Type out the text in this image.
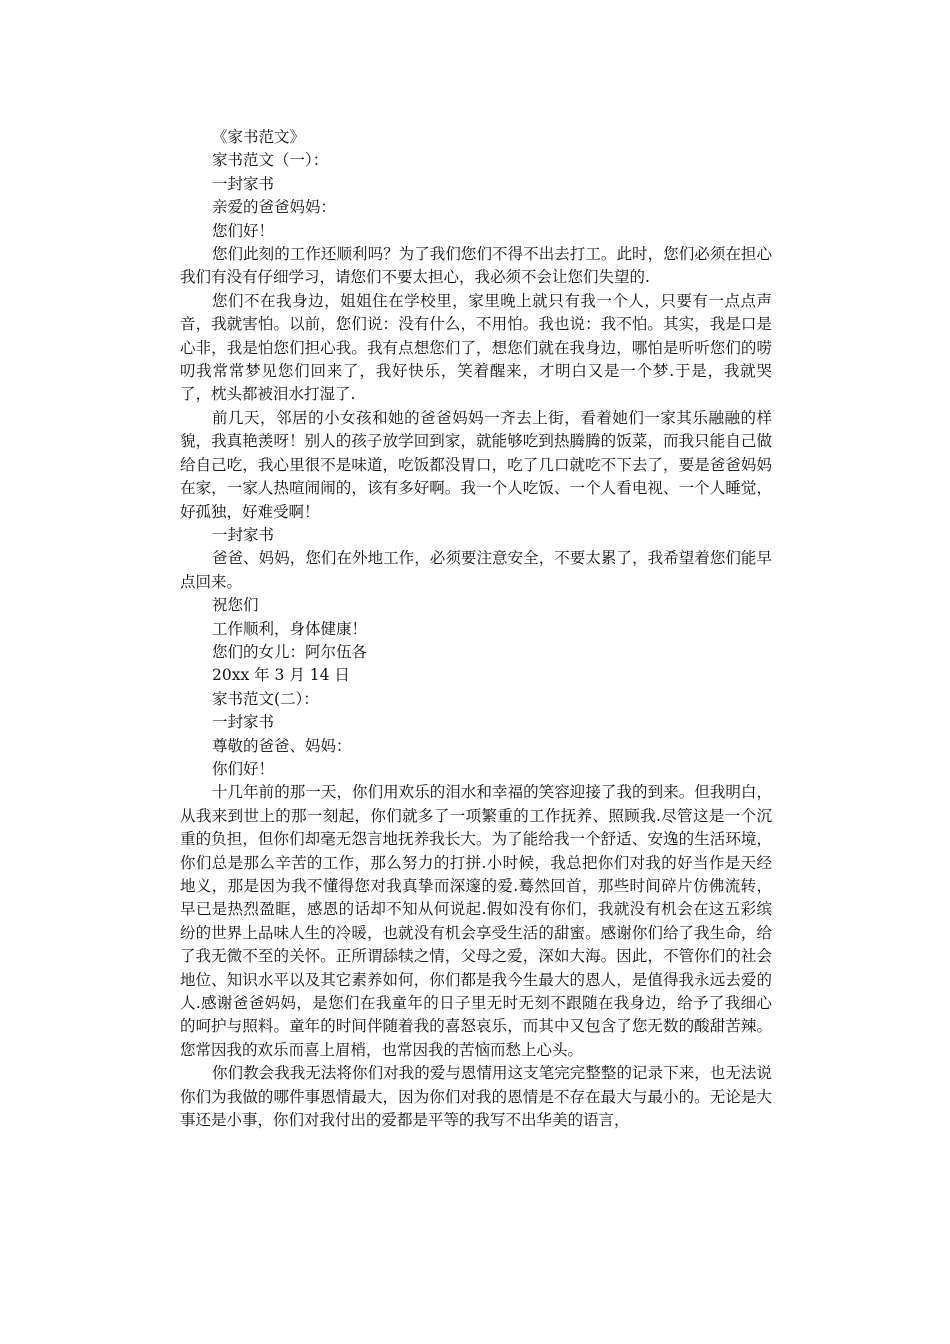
《家书范文》

家书范文（一）：

一封家书

亲爱的爸爸妈妈：

您们好！

您们此刻的工作还顺利吗？为了我们您们不得不出去打工。此时，您们必须在担心我们有没有仔细学习，请您们不要太担心，我必须不会让您们失望的.

您们不在我身边，姐姐住在学校里，家里晚上就只有我一个人，只要有一点点声音，我就害怕。以前，您们说：没有什么，不用怕。我也说：我不怕。其实，我是口是心非，我是怕您们担心我。我有点想您们了，想您们就在我身边，哪怕是听听您们的唠叨我常常梦见您们回来了，我好快乐，笑着醒来，才明白又是一个梦.于是，我就哭了，枕头都被泪水打湿了.

前几天，邻居的小女孩和她的爸爸妈妈一齐去上街，看着她们一家其乐融融的样貌，我真艳羡呀！别人的孩子放学回到家，就能够吃到热腾腾的饭菜，而我只能自己做给自己吃，我心里很不是味道，吃饭都没胃口，吃了几口就吃不下去了，要是爸爸妈妈在家，一家人热喧闹闹的，该有多好啊。我一个人吃饭、一个人看电视、一个人睡觉，好孤独，好难受啊！

一封家书

爸爸、妈妈，您们在外地工作，必须要注意安全，不要太累了，我希望着您们能早点回来。

祝您们

工作顺利，身体健康！

您们的女儿：阿尔伍各

20xx 年 3 月 14 日

家书范文(二）：

一封家书

尊敬的爸爸、妈妈：

你们好！

十几年前的那一天，你们用欢乐的泪水和幸福的笑容迎接了我的到来。但我明白，从我来到世上的那一刻起，你们就多了一项繁重的工作抚养、照顾我.尽管这是一个沉重的负担，但你们却毫无怨言地抚养我长大。为了能给我一个舒适、安逸的生活环境，你们总是那么辛苦的工作，那么努力的打拼.小时候，我总把你们对我的好当作是天经地义，那是因为我不懂得您对我真挚而深邃的爱.蓦然回首，那些时间碎片仿佛流转，早已是热烈盈眶，感恩的话却不知从何说起.假如没有你们，我就没有机会在这五彩缤纷的世界上品味人生的冷暖，也就没有机会享受生活的甜蜜。感谢你们给了我生命，给了我无微不至的关怀。正所谓舔犊之情，父母之爱，深如大海。因此，不管你们的社会地位、知识水平以及其它素养如何，你们都是我今生最大的恩人，是值得我永远去爱的人.感谢爸爸妈妈，是您们在我童年的日子里无时无刻不跟随在我身边，给予了我细心的呵护与照料。童年的时间伴随着我的喜怒哀乐，而其中又包含了您无数的酸甜苦辣。您常因我的欢乐而喜上眉梢，也常因我的苦恼而愁上心头。

你们教会我我无法将你们对我的爱与恩情用这支笔完完整整的记录下来，也无法说你们为我做的哪件事恩情最大，因为你们对我的恩情是不存在最大与最小的。无论是大事还是小事，你们对我付出的爱都是平等的我写不出华美的语言，
